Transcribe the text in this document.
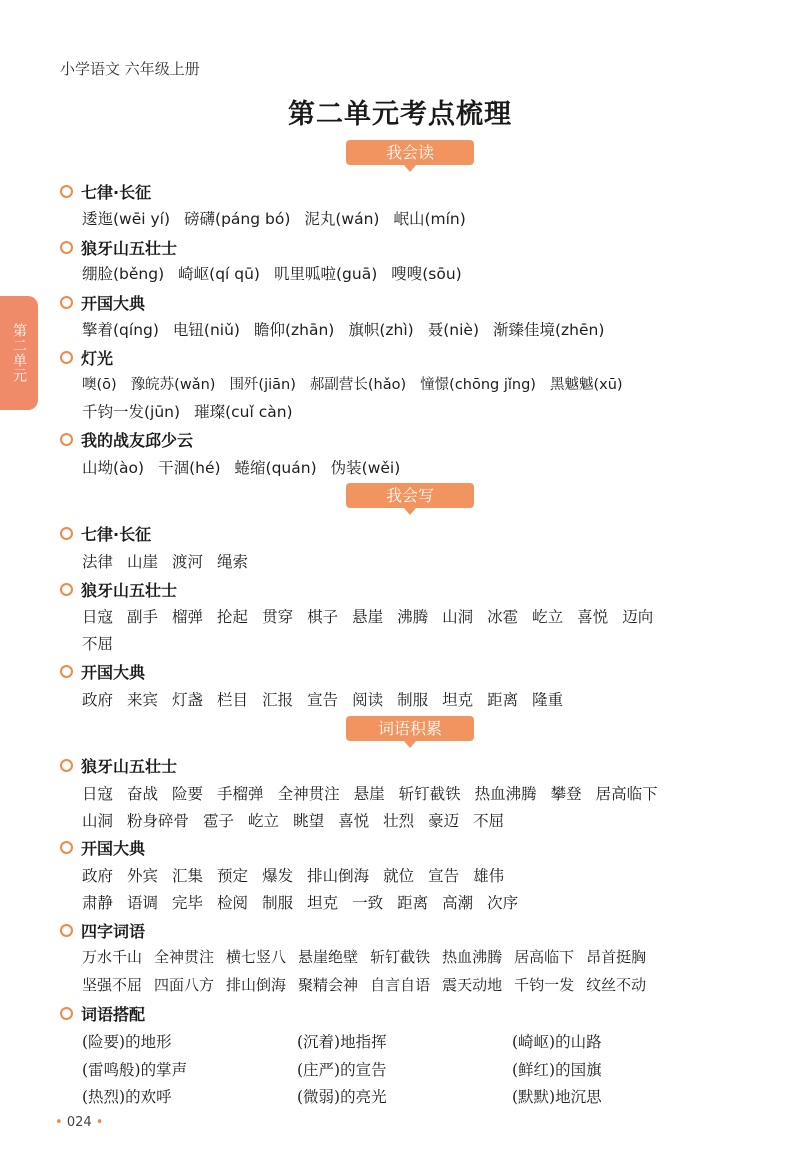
小学语文 六年级上册
第二单元考点梳理
第二单元
我会读
七律·长征
逶迤(wēi yí) 磅礴(páng bó) 泥丸(wán) 岷山(mín)
狼牙山五壮士
绷脸(běng) 崎岖(qí qū) 叽里呱啦(guā) 嗖嗖(sōu)
开国大典
擎着(qíng) 电钮(niǔ) 瞻仰(zhān) 旗帜(zhì) 聂(niè) 渐臻佳境(zhēn)
灯光
噢(ō) 豫皖苏(wǎn) 围歼(jiān) 郝副营长(hǎo) 憧憬(chōng jǐng) 黑魆魆(xū)
千钧一发(jūn) 璀璨(cuǐ càn)
我的战友邱少云
山坳(ào) 干涸(hé) 蜷缩(quán) 伪装(wěi)
我会写
七律·长征
法律 山崖 渡河 绳索
狼牙山五壮士
日寇 副手 榴弹 抡起 贯穿 棋子 悬崖 沸腾 山洞 冰雹 屹立 喜悦 迈向
不屈
开国大典
政府 来宾 灯盏 栏目 汇报 宣告 阅读 制服 坦克 距离 隆重
词语积累
狼牙山五壮士
日寇 奋战 险要 手榴弹 全神贯注 悬崖 斩钉截铁 热血沸腾 攀登 居高临下
山洞 粉身碎骨 雹子 屹立 眺望 喜悦 壮烈 豪迈 不屈
开国大典
政府 外宾 汇集 预定 爆发 排山倒海 就位 宣告 雄伟
肃静 语调 完毕 检阅 制服 坦克 一致 距离 高潮 次序
四字词语
万水千山 全神贯注 横七竖八 悬崖绝壁 斩钉截铁 热血沸腾 居高临下 昂首挺胸
坚强不屈 四面八方 排山倒海 聚精会神 自言自语 震天动地 千钧一发 纹丝不动
词语搭配
(险要)的地形	(沉着)地指挥	(崎岖)的山路
(雷鸣般)的掌声	(庄严)的宣告	(鲜红)的国旗
(热烈)的欢呼	(微弱)的亮光	(默默)地沉思
• 024 •
